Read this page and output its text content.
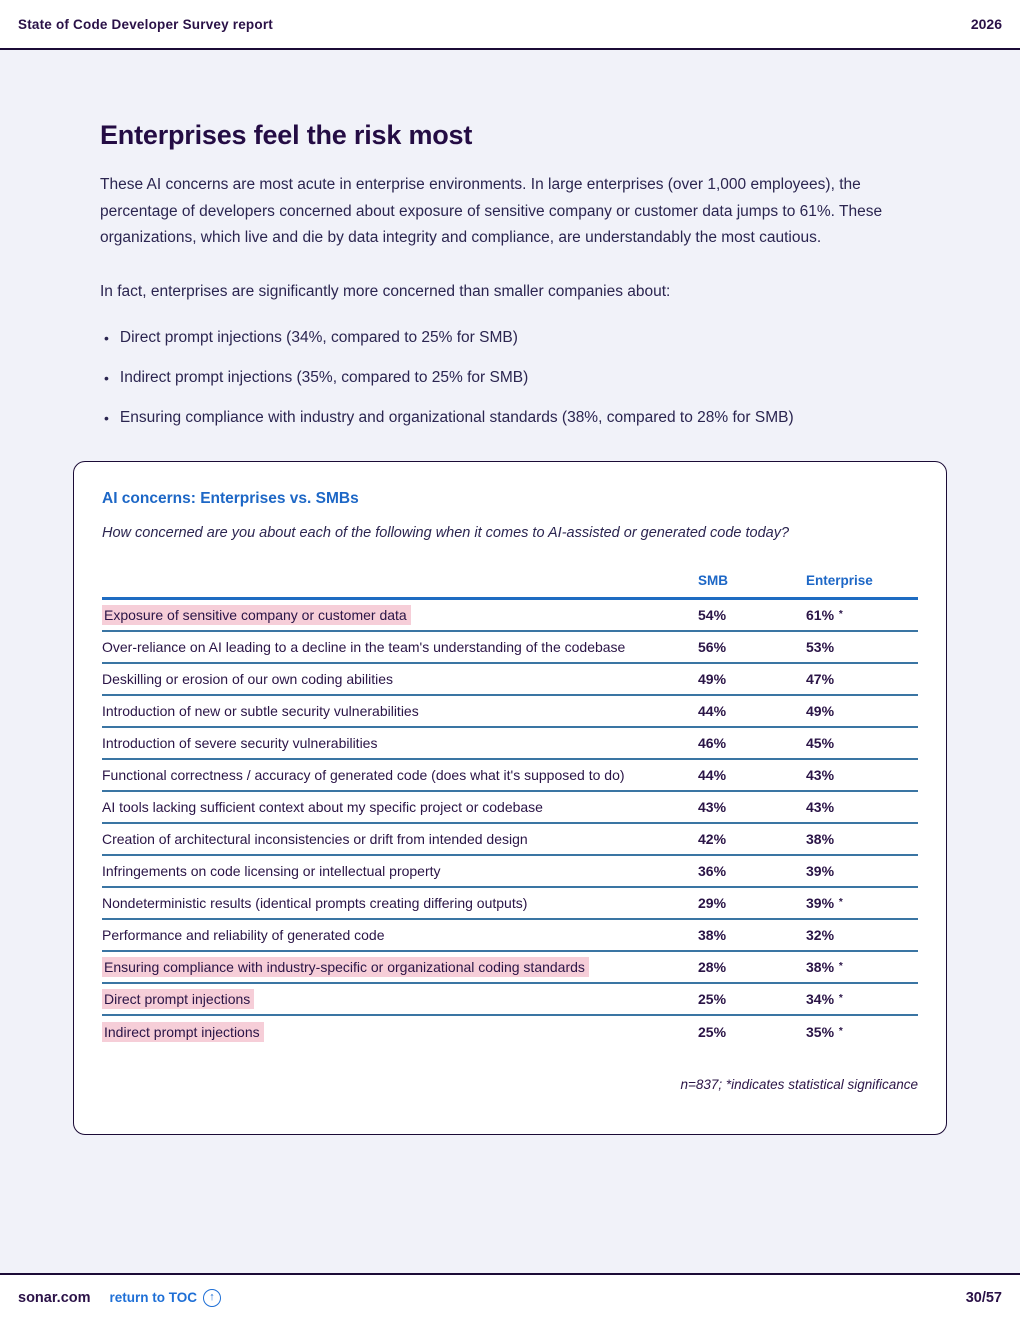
State of Code Developer Survey report	2026
Enterprises feel the risk most

These AI concerns are most acute in enterprise environments. In large enterprises (over 1,000 employees), the percentage of developers concerned about exposure of sensitive company or customer data jumps to 61%. These organizations, which live and die by data integrity and compliance, are understandably the most cautious.

In fact, enterprises are significantly more concerned than smaller companies about:

• Direct prompt injections (34%, compared to 25% for SMB)
• Indirect prompt injections (35%, compared to 25% for SMB)
• Ensuring compliance with industry and organizational standards (38%, compared to 28% for SMB)
AI concerns: Enterprises vs. SMBs
How concerned are you about each of the following when it comes to AI-assisted or generated code today?
SMB	Enterprise
Exposure of sensitive company or customer data	54%	61% *
Over-reliance on AI leading to a decline in the team's understanding of the codebase	56%	53%
Deskilling or erosion of our own coding abilities	49%	47%
Introduction of new or subtle security vulnerabilities	44%	49%
Introduction of severe security vulnerabilities	46%	45%
Functional correctness / accuracy of generated code (does what it's supposed to do)	44%	43%
AI tools lacking sufficient context about my specific project or codebase	43%	43%
Creation of architectural inconsistencies or drift from intended design	42%	38%
Infringements on code licensing or intellectual property	36%	39%
Nondeterministic results (identical prompts creating differing outputs)	29%	39% *
Performance and reliability of generated code	38%	32%
Ensuring compliance with industry-specific or organizational coding standards	28%	38% *
Direct prompt injections	25%	34% *
Indirect prompt injections	25%	35% *
n=837; *indicates statistical significance
sonar.com return to TOC	↑	30/57
